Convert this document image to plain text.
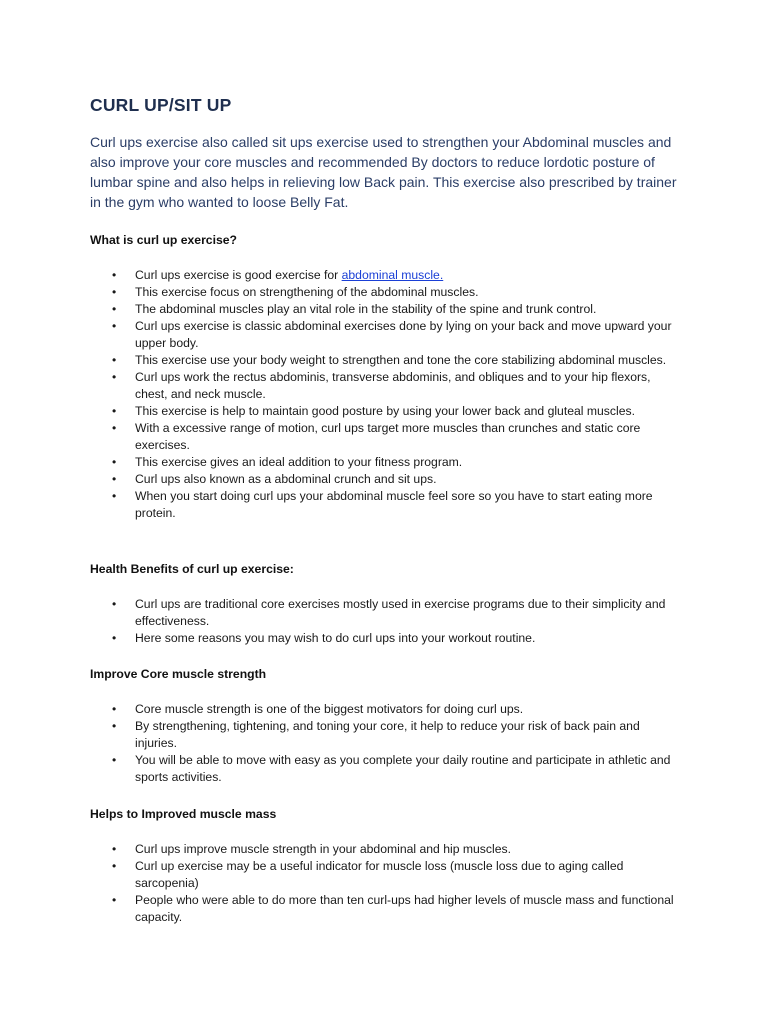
CURL UP/SIT UP

Curl ups exercise also called sit ups exercise used to strengthen your Abdominal muscles and also improve your core muscles and recommended By doctors to reduce lordotic posture of lumbar spine and also helps in relieving low Back pain. This exercise also prescribed by trainer in the gym who wanted to loose Belly Fat.

What is curl up exercise?
• Curl ups exercise is good exercise for abdominal muscle.
• This exercise focus on strengthening of the abdominal muscles.
• The abdominal muscles play an vital role in the stability of the spine and trunk control.
• Curl ups exercise is classic abdominal exercises done by lying on your back and move upward your upper body.
• This exercise use your body weight to strengthen and tone the core stabilizing abdominal muscles.
• Curl ups work the rectus abdominis, transverse abdominis, and obliques and to your hip flexors, chest, and neck muscle.
• This exercise is help to maintain good posture by using your lower back and gluteal muscles.
• With a excessive range of motion, curl ups target more muscles than crunches and static core exercises.
• This exercise gives an ideal addition to your fitness program.
• Curl ups also known as a abdominal crunch and sit ups.
• When you start doing curl ups your abdominal muscle feel sore so you have to start eating more protein.
Health Benefits of curl up exercise:
• Curl ups are traditional core exercises mostly used in exercise programs due to their simplicity and effectiveness.
• Here some reasons you may wish to do curl ups into your workout routine.
Improve Core muscle strength
• Core muscle strength is one of the biggest motivators for doing curl ups.
• By strengthening, tightening, and toning your core, it help to reduce your risk of back pain and injuries.
• You will be able to move with easy as you complete your daily routine and participate in athletic and sports activities.
Helps to Improved muscle mass
• Curl ups improve muscle strength in your abdominal and hip muscles.
• Curl up exercise may be a useful indicator for muscle loss (muscle loss due to aging called sarcopenia)
• People who were able to do more than ten curl-ups had higher levels of muscle mass and functional capacity.
